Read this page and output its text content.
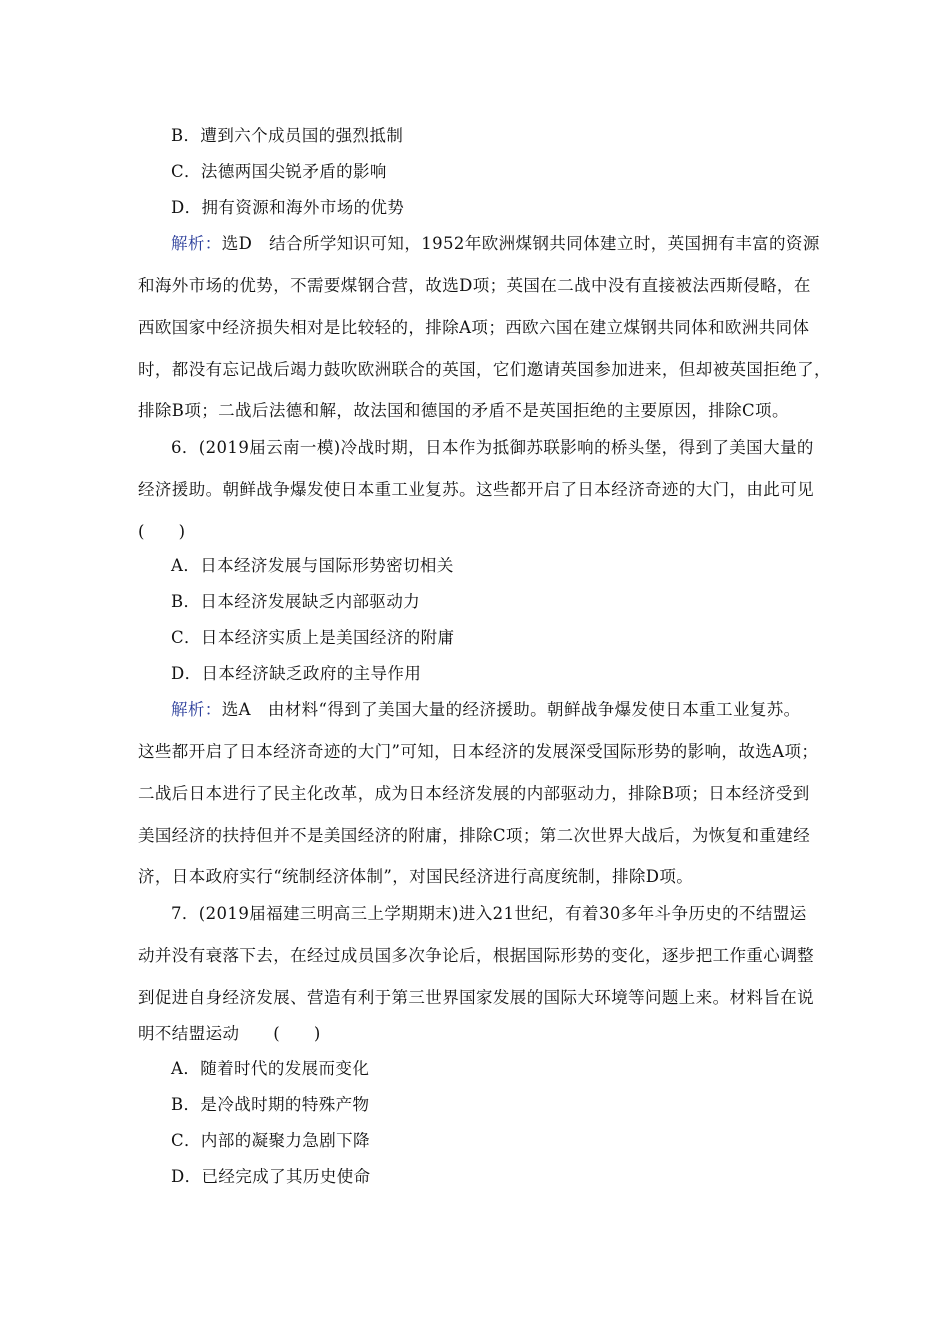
B．遭到六个成员国的强烈抵制
C．法德两国尖锐矛盾的影响
D．拥有资源和海外市场的优势
解析：选D　结合所学知识可知，1952年欧洲煤钢共同体建立时，英国拥有丰富的资源
和海外市场的优势，不需要煤钢合营，故选D项；英国在二战中没有直接被法西斯侵略，在
西欧国家中经济损失相对是比较轻的，排除A项；西欧六国在建立煤钢共同体和欧洲共同体
时，都没有忘记战后竭力鼓吹欧洲联合的英国，它们邀请英国参加进来，但却被英国拒绝了，
排除B项；二战后法德和解，故法国和德国的矛盾不是英国拒绝的主要原因，排除C项。
6．(2019届云南一模)冷战时期，日本作为抵御苏联影响的桥头堡，得到了美国大量的
经济援助。朝鲜战争爆发使日本重工业复苏。这些都开启了日本经济奇迹的大门，由此可见
(　　)
A．日本经济发展与国际形势密切相关
B．日本经济发展缺乏内部驱动力
C．日本经济实质上是美国经济的附庸
D．日本经济缺乏政府的主导作用
解析：选A　由材料“得到了美国大量的经济援助。朝鲜战争爆发使日本重工业复苏。
这些都开启了日本经济奇迹的大门”可知，日本经济的发展深受国际形势的影响，故选A项；
二战后日本进行了民主化改革，成为日本经济发展的内部驱动力，排除B项；日本经济受到
美国经济的扶持但并不是美国经济的附庸，排除C项；第二次世界大战后，为恢复和重建经
济，日本政府实行“统制经济体制”，对国民经济进行高度统制，排除D项。
7．(2019届福建三明高三上学期期末)进入21世纪，有着30多年斗争历史的不结盟运
动并没有衰落下去，在经过成员国多次争论后，根据国际形势的变化，逐步把工作重心调整
到促进自身经济发展、营造有利于第三世界国家发展的国际大环境等问题上来。材料旨在说
明不结盟运动　　(　　)
A．随着时代的发展而变化
B．是冷战时期的特殊产物
C．内部的凝聚力急剧下降
D．已经完成了其历史使命
